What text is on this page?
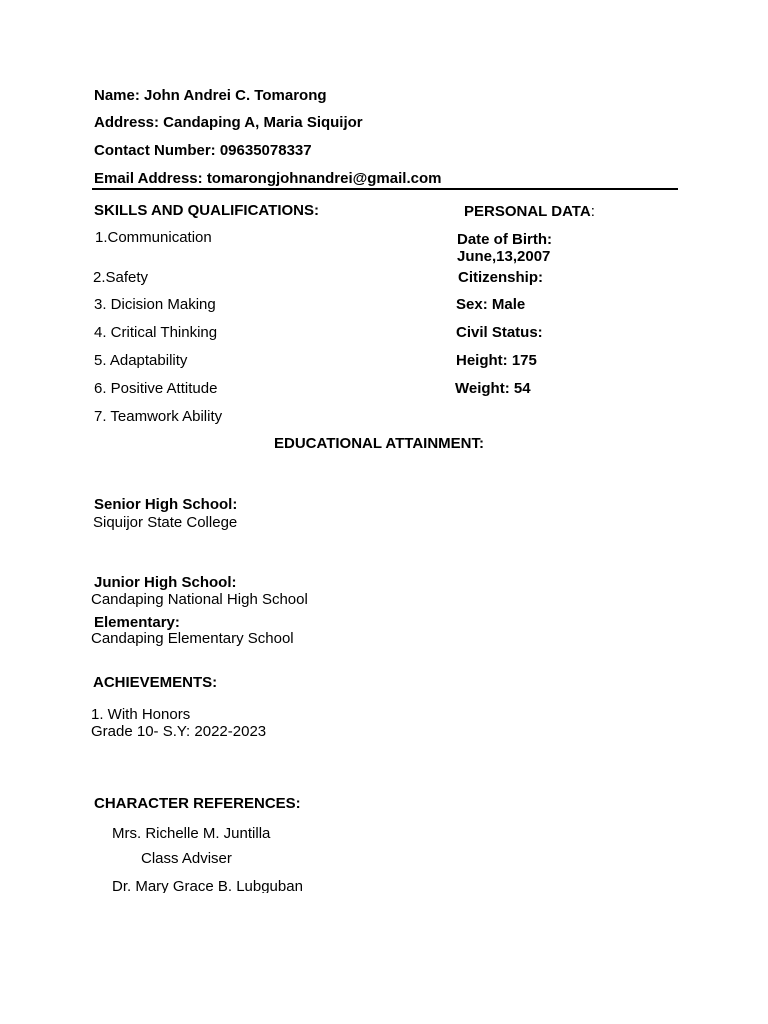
Name: John Andrei C. Tomarong
Address: Candaping A, Maria Siquijor
Contact Number: 09635078337
Email Address: tomarongjohnandrei@gmail.com
SKILLS AND QUALIFICATIONS:
1.Communication
2.Safety
3. Dicision Making
4. Critical Thinking
5. Adaptability
6. Positive Attitude
7. Teamwork Ability
PERSONAL DATA:
Date of Birth:
June,13,2007
Citizenship:
Sex: Male
Civil Status:
Height: 175
Weight: 54
EDUCATIONAL ATTAINMENT:
Senior High School:
Siquijor State College
Junior High School:
Candaping National High School
Elementary:
Candaping Elementary School
ACHIEVEMENTS:
1. With Honors
Grade 10- S.Y: 2022-2023
CHARACTER REFERENCES:
Mrs. Richelle M. Juntilla
Class Adviser
Dr. Mary Grace B. Lubguban
